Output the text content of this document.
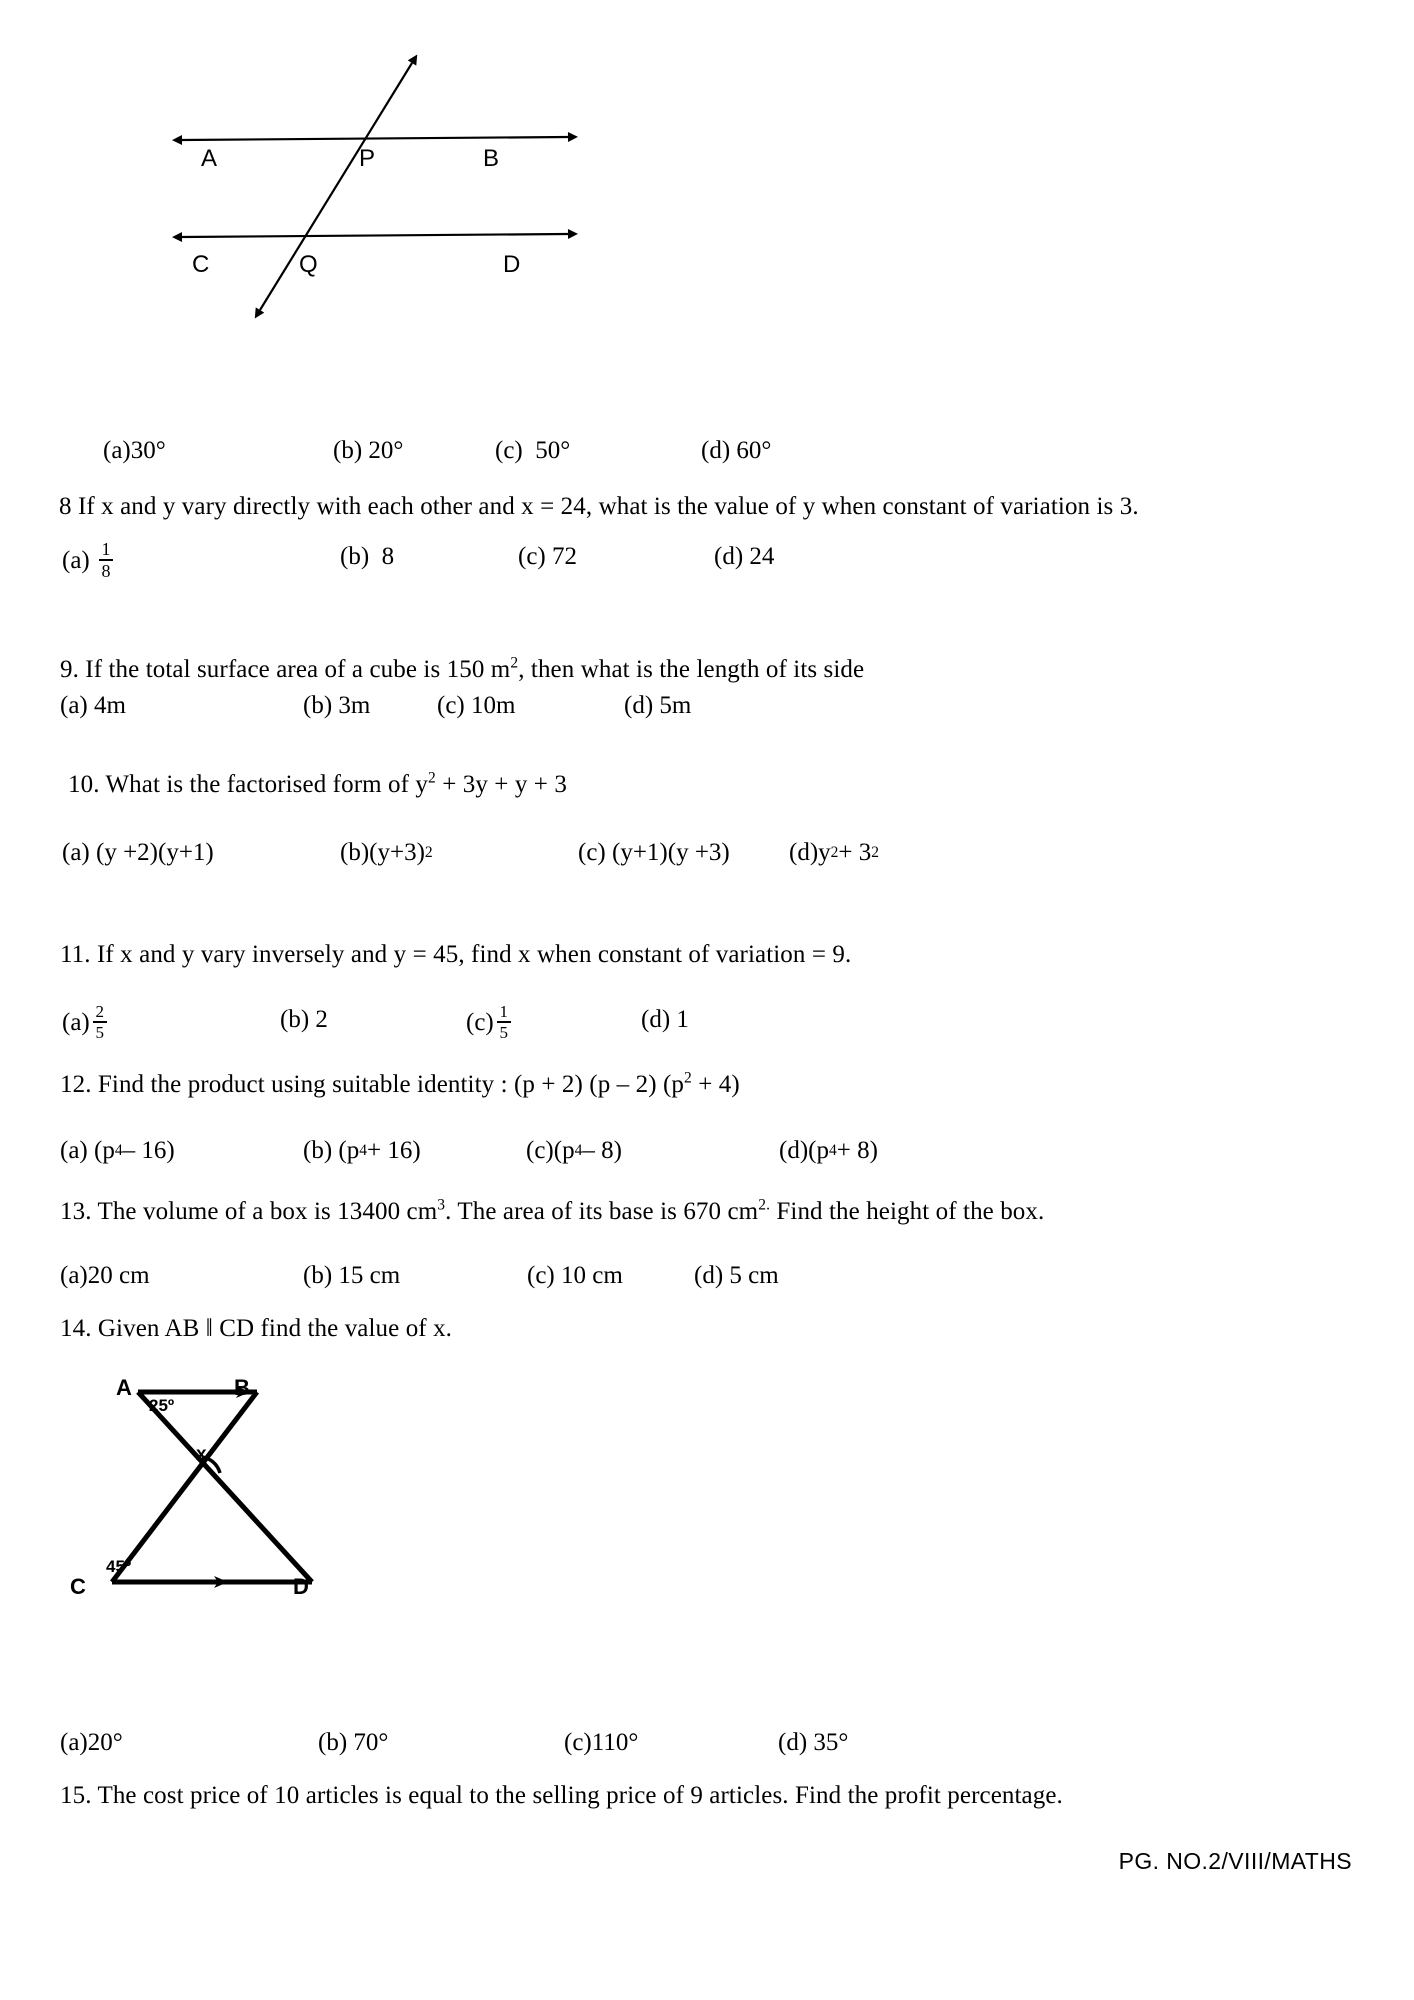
A	P	B
C	Q	D
(a) 30°	(b)
20°	(c)
50°	(d)
60°
8 If x and y vary directly with each other and x = 24, what is the value of y when constant of variation is 3.
(a)
$\frac{1}{8}$	(b)
8	(c)
72	(d)
24
9. If the total surface area of a cube is 150 $m^2$, then what is the length of its side
(a)
4m	(b)
3m	(c)
10m	(d)
5m
10. What is the factorised form of $y^2 + 3y + y + 3$
(a)
(y +2)(y+1)	(b) (y+3) 2	(c)
(y+1)(y +3) (d) y 2 + 3 2
11. If x and y vary inversely and y = 45, find x when constant of variation = 9.
$(a) \frac{2}{5}$	(b)
2	$(c) \frac{1}{5}$	(d)
1
12. Find the product using suitable identity : (p + 2) (p – 2) $(p^2 + 4)$
(a)
(p 4 – 16)	(b)
(p 4 + 16)	(c) (p 4 – 8)	(d) (p 4 + 8)
13. The volume of a box is 13400 $cm^3$. The area of its base is 670 $cm^{2.}$ Find the height of the box.
(a) 20 cm	(b)
15 cm	(c)
10 cm	(d)
5 cm
14. Given AB ‖ CD find the value of x.
A	B
C	D
25º
x
45º
(a) 20°	(b)
70°	(c) 110°	(d)
35°
15. The cost price of 10 articles is equal to the selling price of 9 articles. Find the profit percentage.
PG. NO.2/VIII/MATHS
